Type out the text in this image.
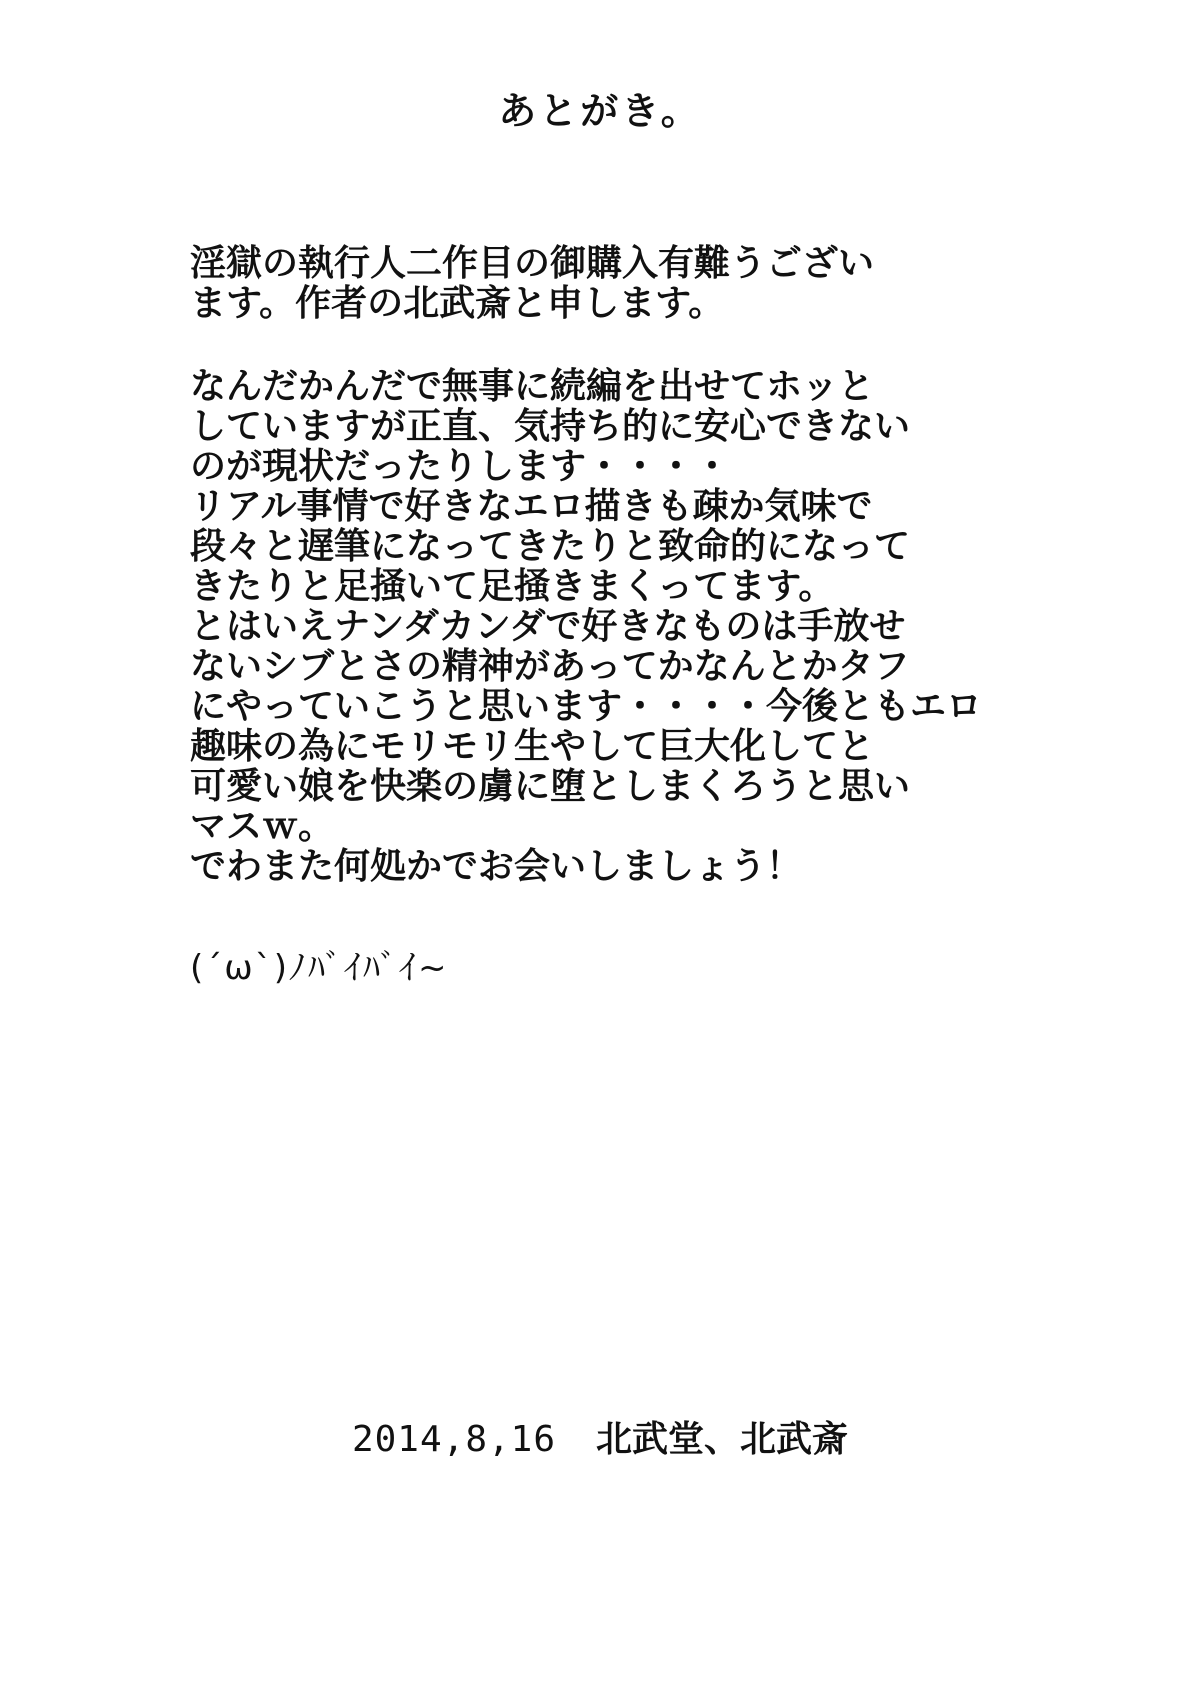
あとがき。
淫獄の執行人二作目の御購入有難うござい
ます。作者の北武斎と申します。
なんだかんだで無事に続編を出せてホッと
していますが正直、気持ち的に安心できない
のが現状だったりします・・・・
リアル事情で好きなエロ描きも疎か気味で
段々と遅筆になってきたりと致命的になって
きたりと足掻いて足掻きまくってます。
とはいえナンダカンダで好きなものは手放せ
ないシブとさの精神があってかなんとかタフ
にやっていこうと思います・・・・今後ともエロ
趣味の為にモリモリ生やして巨大化してと
可愛い娘を快楽の虜に堕としまくろうと思い
マスｗ。
でわまた何処かでお会いしましょう！
(´ω`)ﾉﾊﾞｲﾊﾞｲ~
2014,8,16 北武堂、北武斎
